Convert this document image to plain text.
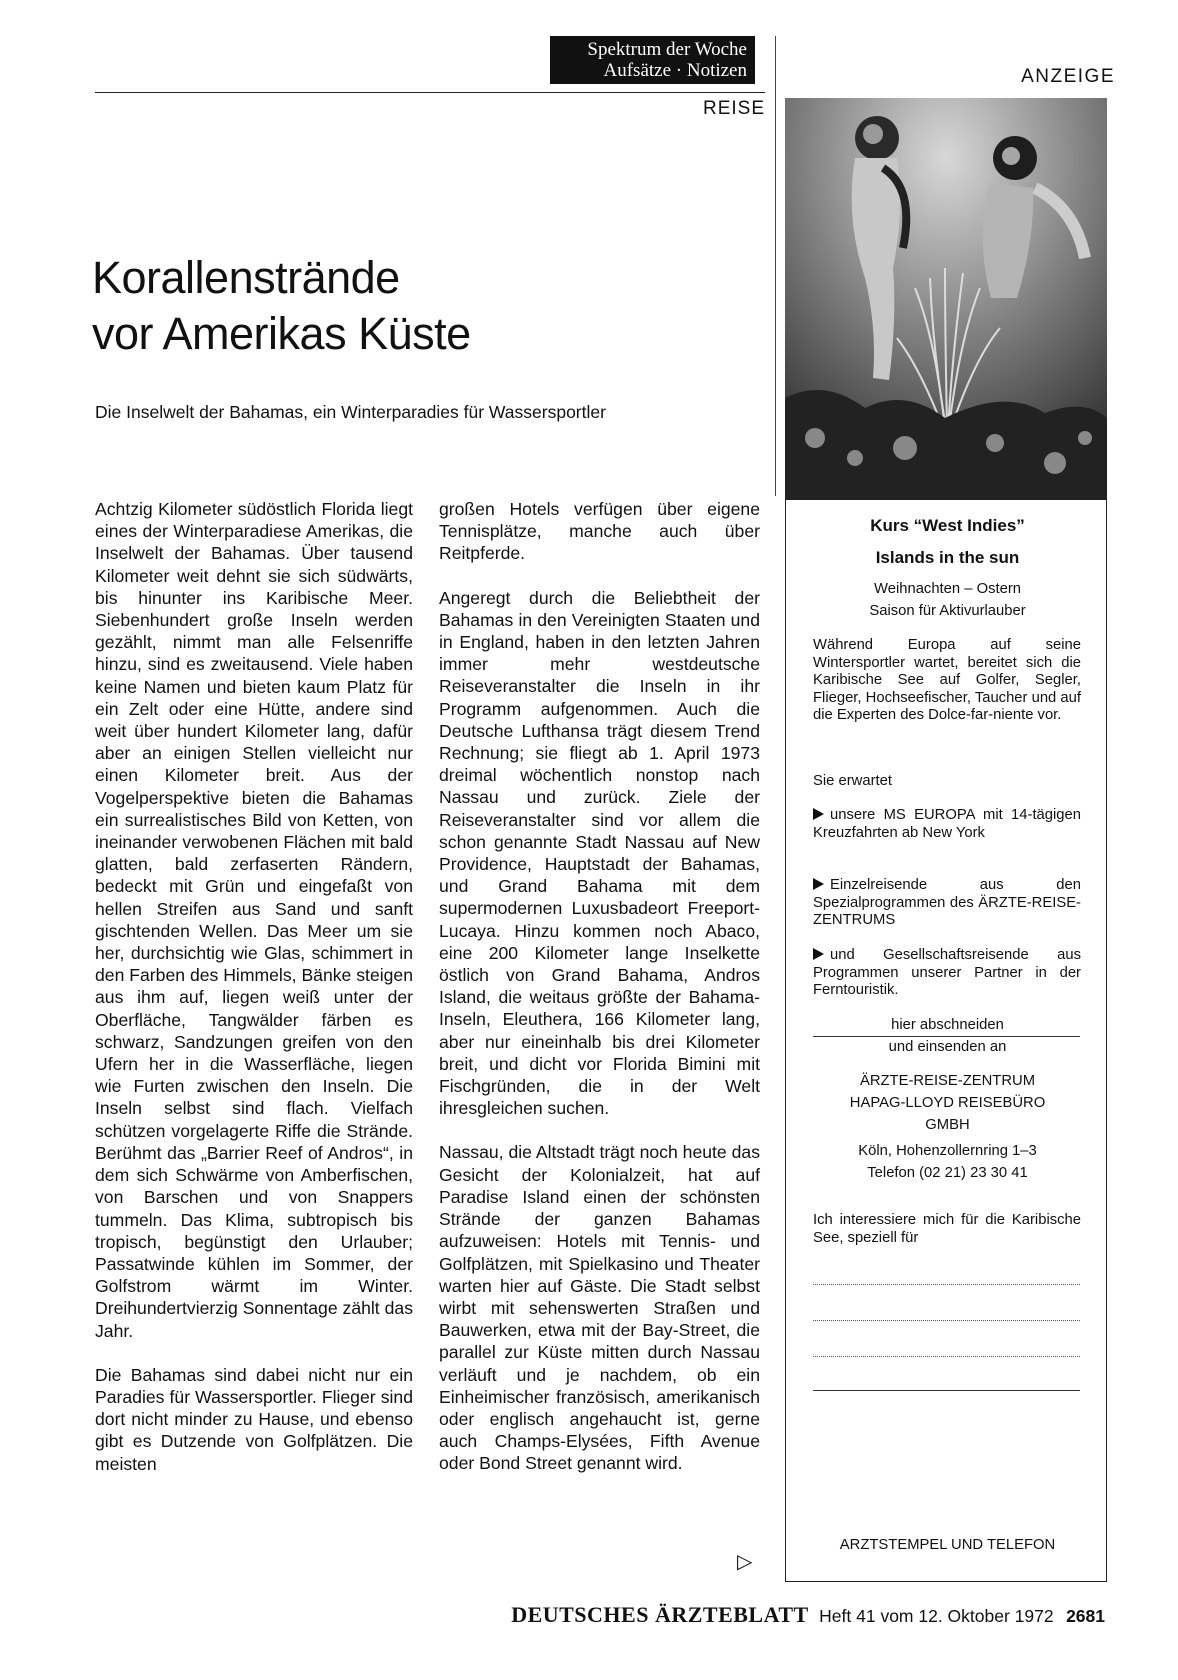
Spektrum der Woche
Aufsätze · Notizen
REISE
ANZEIGE
Korallenstrände
vor Amerikas Küste
Die Inselwelt der Bahamas, ein Winterparadies für Wassersportler

Achtzig Kilometer südöstlich Florida liegt eines der Winterparadiese Amerikas, die Inselwelt der Bahamas. Über tausend Kilometer weit dehnt sie sich südwärts, bis hinunter ins Karibische Meer. Siebenhundert große Inseln werden gezählt, nimmt man alle Felsenriffe hinzu, sind es zweitausend. Viele haben keine Namen und bieten kaum Platz für ein Zelt oder eine Hütte, andere sind weit über hundert Kilometer lang, dafür aber an einigen Stellen vielleicht nur einen Kilometer breit. Aus der Vogelperspektive bieten die Bahamas ein surrealistisches Bild von Ketten, von ineinander verwobenen Flächen mit bald glatten, bald zerfaserten Rändern, bedeckt mit Grün und eingefaßt von hellen Streifen aus Sand und sanft gischtenden Wellen. Das Meer um sie her, durchsichtig wie Glas, schimmert in den Farben des Himmels, Bänke steigen aus ihm auf, liegen weiß unter der Oberfläche, Tangwälder färben es schwarz, Sandzungen greifen von den Ufern her in die Wasserfläche, liegen wie Furten zwischen den Inseln. Die Inseln selbst sind flach. Vielfach schützen vorgelagerte Riffe die Strände. Berühmt das „Barrier Reef of Andros“, in dem sich Schwärme von Amberfischen, von Barschen und von Snappers tummeln. Das Klima, subtropisch bis tropisch, begünstigt den Urlauber; Passatwinde kühlen im Sommer, der Golfstrom wärmt im Winter. Dreihundertvierzig Sonnentage zählt das Jahr.

Die Bahamas sind dabei nicht nur ein Paradies für Wassersportler. Flieger sind dort nicht minder zu Hause, und ebenso gibt es Dutzende von Golfplätzen. Die meisten

großen Hotels verfügen über eigene Tennisplätze, manche auch über Reitpferde.

Angeregt durch die Beliebtheit der Bahamas in den Vereinigten Staaten und in England, haben in den letzten Jahren immer mehr westdeutsche Reiseveranstalter die Inseln in ihr Programm aufgenommen. Auch die Deutsche Lufthansa trägt diesem Trend Rechnung; sie fliegt ab 1. April 1973 dreimal wöchentlich nonstop nach Nassau und zurück. Ziele der Reiseveranstalter sind vor allem die schon genannte Stadt Nassau auf New Providence, Hauptstadt der Bahamas, und Grand Bahama mit dem supermodernen Luxusbadeort Freeport-Lucaya. Hinzu kommen noch Abaco, eine 200 Kilometer lange Inselkette östlich von Grand Bahama, Andros Island, die weitaus größte der Bahama-Inseln, Eleuthera, 166 Kilometer lang, aber nur eineinhalb bis drei Kilometer breit, und dicht vor Florida Bimini mit Fischgründen, die in der Welt ihresgleichen suchen.

Nassau, die Altstadt trägt noch heute das Gesicht der Kolonialzeit, hat auf Paradise Island einen der schönsten Strände der ganzen Bahamas aufzuweisen: Hotels mit Tennis- und Golfplätzen, mit Spielkasino und Theater warten hier auf Gäste. Die Stadt selbst wirbt mit sehenswerten Straßen und Bauwerken, etwa mit der Bay-Street, die parallel zur Küste mitten durch Nassau verläuft und je nachdem, ob ein Einheimischer französisch, amerikanisch oder englisch angehaucht ist, gerne auch Champs-Elysées, Fifth Avenue oder Bond Street genannt wird.

▷
Kurs “West Indies”
Islands in the sun
Weihnachten – Ostern
Saison für Aktivurlauber
Während Europa auf seine Wintersportler wartet, bereitet sich die Karibische See auf Golfer, Segler, Flieger, Hochseefischer, Taucher und auf die Experten des Dolce-far-niente vor.
Sie erwartet
unsere MS EUROPA mit 14-tägigen Kreuzfahrten ab New York
Einzelreisende aus den Spezialprogrammen des ÄRZTE-REISE-ZENTRUMS
und Gesellschaftsreisende aus Programmen unserer Partner in der Ferntouristik.
hier abschneiden
und einsenden an
ÄRZTE-REISE-ZENTRUM
HAPAG-LLOYD REISEBÜRO
GMBH
Köln, Hohenzollernring 1–3
Telefon (02 21) 23 30 41
Ich interessiere mich für die Karibische See, speziell für
ARZTSTEMPEL UND TELEFON
DEUTSCHES ÄRZTEBLATT Heft 41 vom 12. Oktober 1972 2681
